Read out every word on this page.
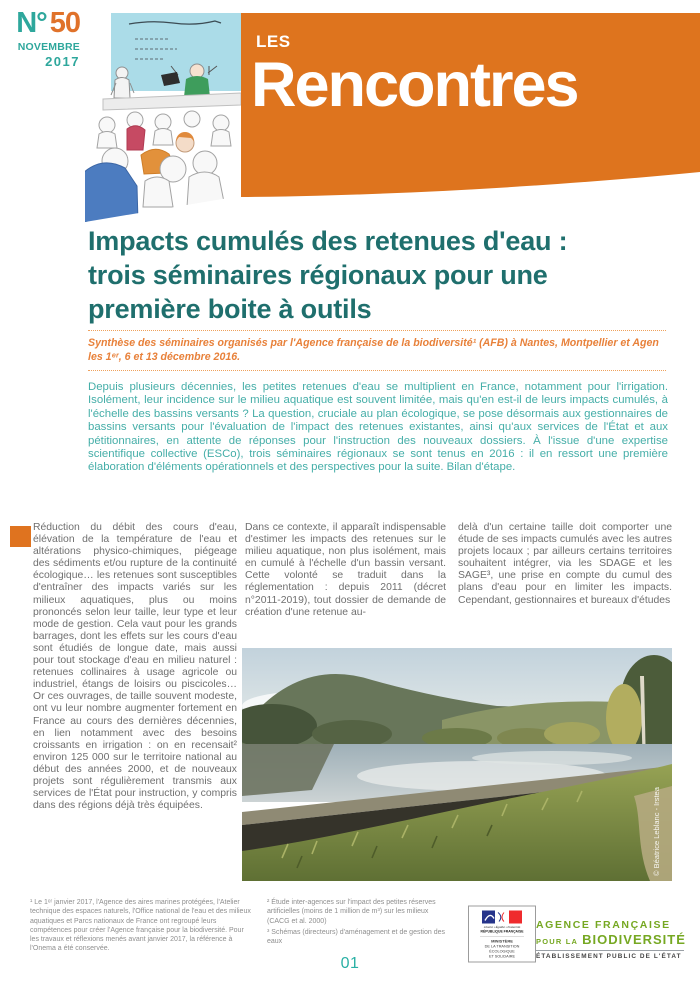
N° 50
NOVEMBRE
2017
LES
Rencontres
Impacts cumulés des retenues d'eau :
trois séminaires régionaux pour une
première boite à outils
Synthèse des séminaires organisés par l'Agence française de la biodiversité¹ (AFB) à Nantes, Montpellier et Agen les 1ᵉʳ, 6 et 13 décembre 2016.
Depuis plusieurs décennies, les petites retenues d'eau se multiplient en France, notamment pour l'irrigation. Isolément, leur incidence sur le milieu aquatique est souvent limitée, mais qu'en est-il de leurs impacts cumulés, à l'échelle des bassins versants ? La question, cruciale au plan écologique, se pose désormais aux gestionnaires de bassins versants pour l'évaluation de l'impact des retenues existantes, ainsi qu'aux services de l'État et aux pétitionnaires, en attente de réponses pour l'instruction des nouveaux dossiers. À l'issue d'une expertise scientifique collective (ESCo), trois séminaires régionaux se sont tenus en 2016 : il en ressort une première élaboration d'éléments opérationnels et des perspectives pour la suite. Bilan d'étape.
Réduction du débit des cours d'eau, élévation de la température de l'eau et altérations physico-chimiques, piégeage des sédiments et/ou rupture de la continuité écologique… les retenues sont susceptibles d'entraîner des impacts variés sur les milieux aquatiques, plus ou moins prononcés selon leur taille, leur type et leur mode de gestion. Cela vaut pour les grands barrages, dont les effets sur les cours d'eau sont étudiés de longue date, mais aussi pour tout stockage d'eau en milieu naturel : retenues collinaires à usage agricole ou industriel, étangs de loisirs ou piscicoles… Or ces ouvrages, de taille souvent modeste, ont vu leur nombre augmenter fortement en France au cours des dernières décennies, en lien notamment avec des besoins croissants en irrigation : on en recensait² environ 125 000 sur le territoire national au début des années 2000, et de nouveaux projets sont régulièrement transmis aux services de l'État pour instruction, y compris dans des régions déjà très équipées.
Dans ce contexte, il apparaît indispensable d'estimer les impacts des retenues sur le milieu aquatique, non plus isolément, mais en cumulé à l'échelle d'un bassin versant. Cette volonté se traduit dans la réglementation : depuis 2011 (décret n°2011-2019), tout dossier de demande de création d'une retenue au-
delà d'un certaine taille doit comporter une étude de ses impacts cumulés avec les autres projets locaux ; par ailleurs certains territoires souhaitent intégrer, via les SDAGE et les SAGE³, une prise en compte du cumul des plans d'eau pour en limiter les impacts. Cependant, gestionnaires et bureaux d'études
© Béatrice Leblanc - Irstea

¹ Le 1ᵉʳ janvier 2017, l'Agence des aires marines protégées, l'Atelier technique des espaces naturels, l'Office national de l'eau et des milieux aquatiques et Parcs nationaux de France ont regroupé leurs compétences pour créer l'Agence française pour la biodiversité. Pour les travaux et réflexions menés avant janvier 2017, la référence à l'Onema a été conservée.

² Étude inter-agences sur l'impact des petites réserves artificielles (moins de 1 million de m³) sur les milieux (CACG et al. 2000)

³ Schémas (directeurs) d'aménagement et de gestion des eaux

Liberté • Égalité • Fraternité
RÉPUBLIQUE FRANÇAISE
MINISTÈRE
DE LA TRANSITION
ÉCOLOGIQUE
ET SOLIDAIRE
AGENCE FRANÇAISE
POUR LA BIODIVERSITÉ
ÉTABLISSEMENT PUBLIC DE L'ÉTAT
01
